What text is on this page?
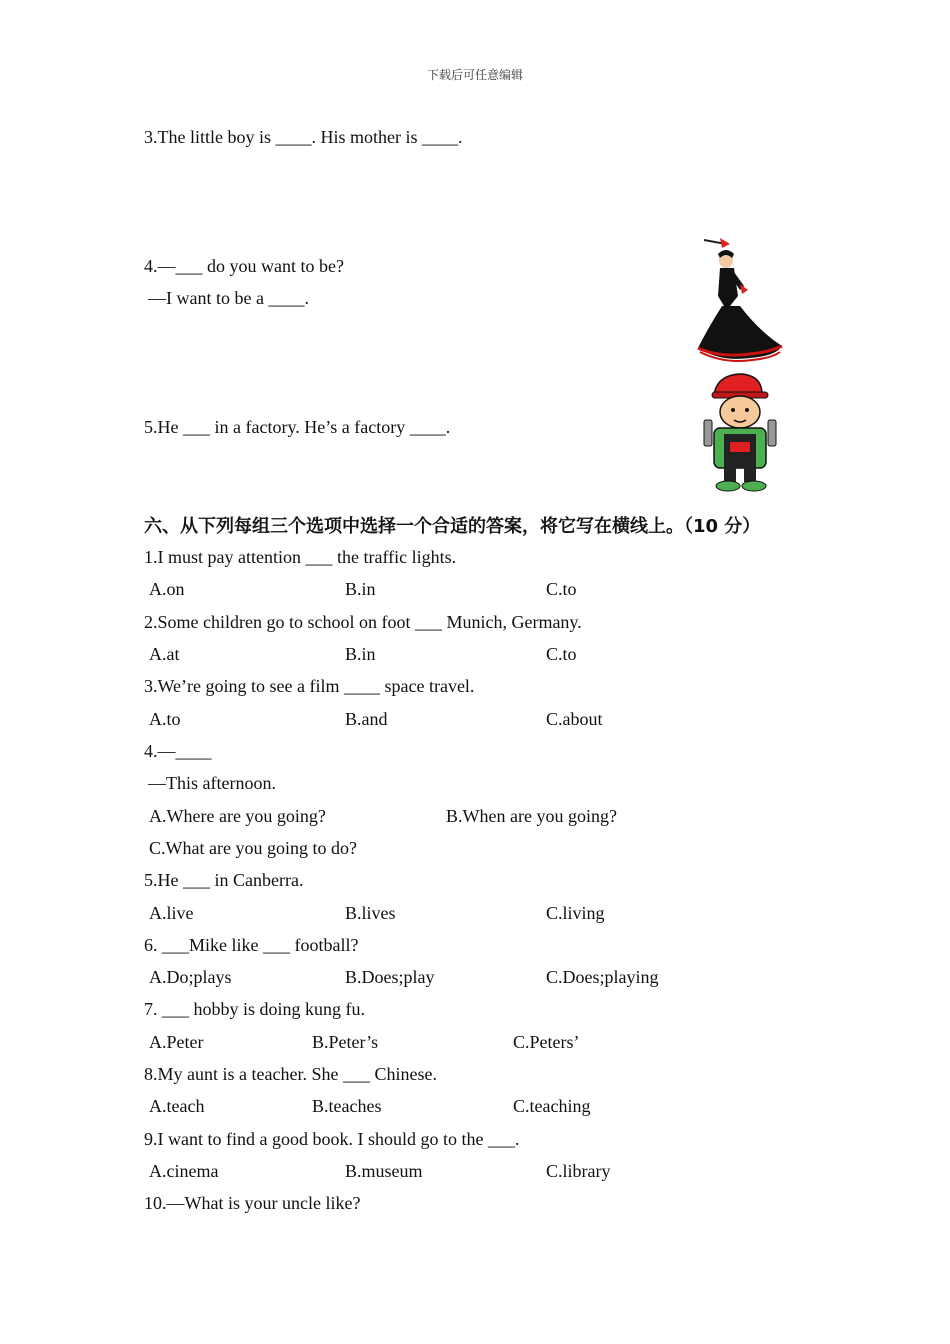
下载后可任意编辑
3.The little boy is ____. His mother is ____.
4.—___ do you want to be?
—I want to be a ____.
5.He ___ in a factory. He’s a factory ____.
六、从下列每组三个选项中选择一个合适的答案，将它写在横线上。（10 分）
1.I must pay attention ___ the traffic lights.
A.on	B.in	C.to
2.Some children go to school on foot ___ Munich, Germany.
A.at	B.in	C.to
3.We’re going to see a film ____ space travel.
A.to	B.and	C.about
4.—____
—This afternoon.
A.Where are you going?	B.When are you going?
C.What are you going to do?
5.He ___ in Canberra.
A.live	B.lives	C.living
6. ___Mike like ___ football?
A.Do;plays	B.Does;play	C.Does;playing
7. ___ hobby is doing kung fu.
A.Peter	B.Peter’s	C.Peters’
8.My aunt is a teacher. She ___ Chinese.
A.teach	B.teaches	C.teaching
9.I want to find a good book. I should go to the ___.
A.cinema	B.museum	C.library
10.—What is your uncle like?
